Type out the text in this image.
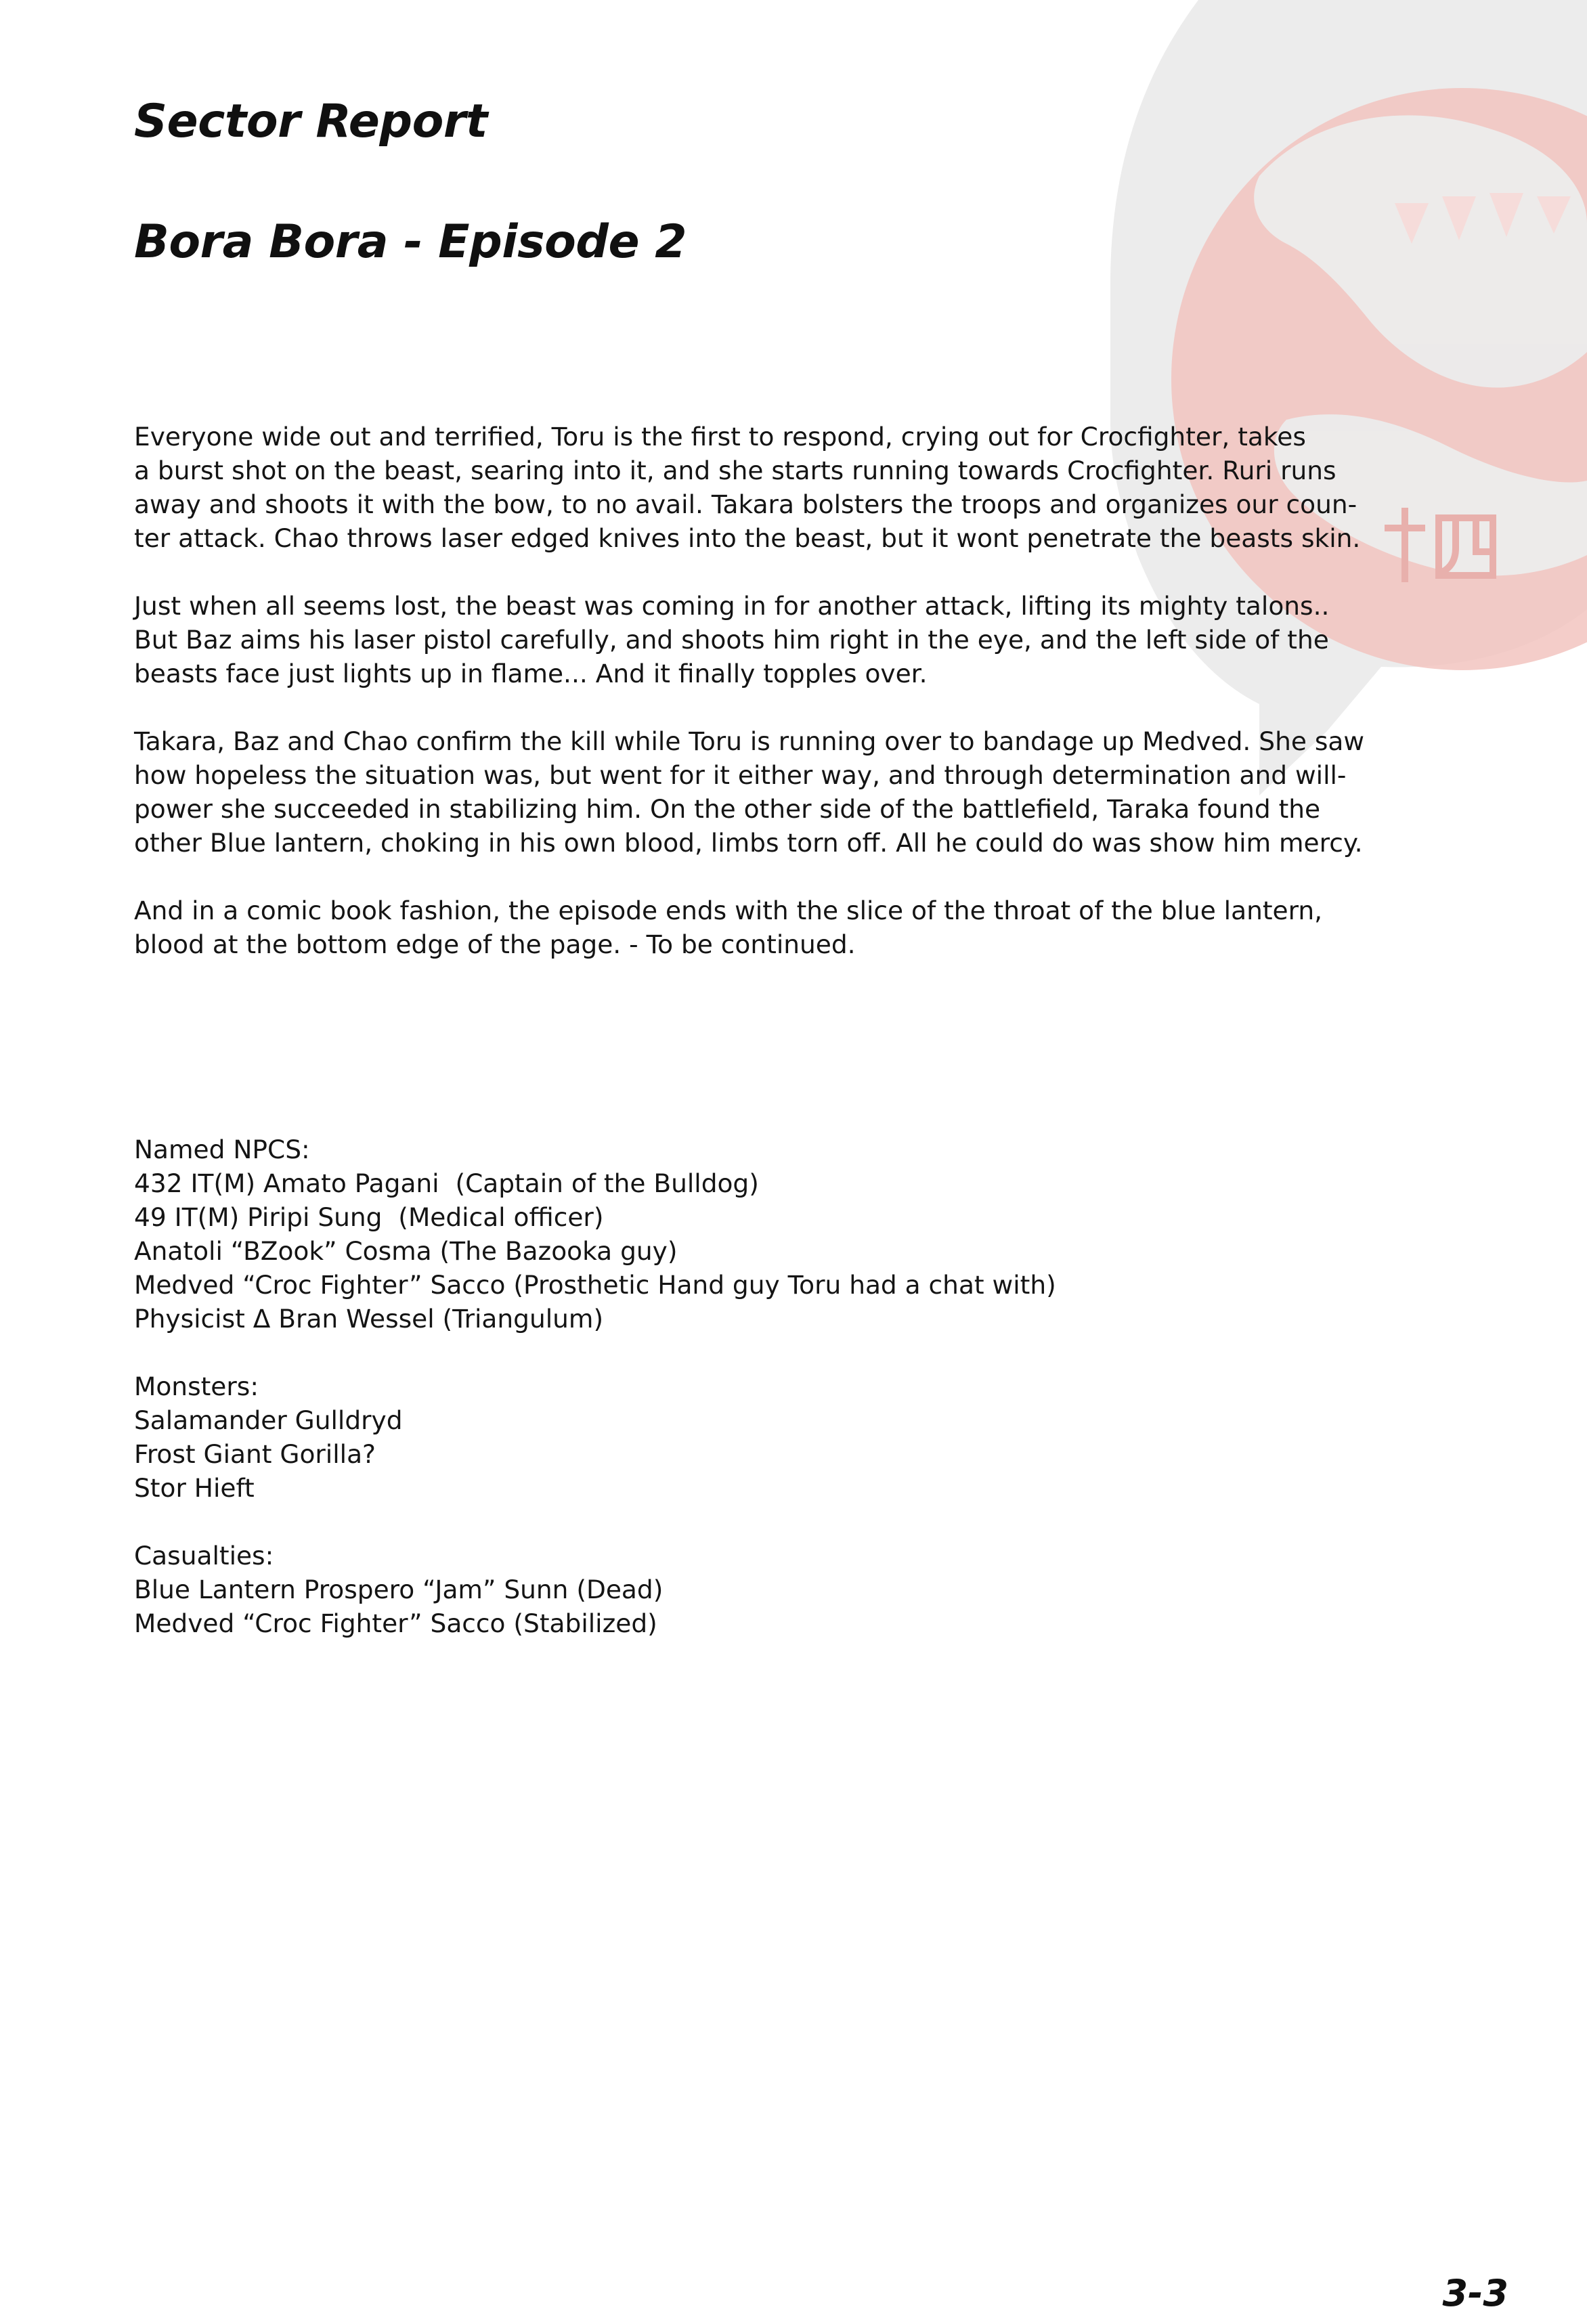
Sector Report
Bora Bora - Episode 2

Everyone wide out and terrified, Toru is the first to respond, crying out for Crocfighter, takes
a burst shot on the beast, searing into it, and she starts running towards Crocfighter. Ruri runs
away and shoots it with the bow, to no avail. Takara bolsters the troops and organizes our coun-
ter attack. Chao throws laser edged knives into the beast, but it wont penetrate the beasts skin.

Just when all seems lost, the beast was coming in for another attack, lifting its mighty talons..
But Baz aims his laser pistol carefully, and shoots him right in the eye, and the left side of the
beasts face just lights up in flame... And it finally topples over.

Takara, Baz and Chao confirm the kill while Toru is running over to bandage up Medved. She saw
how hopeless the situation was, but went for it either way, and through determination and will-
power she succeeded in stabilizing him. On the other side of the battlefield, Taraka found the
other Blue lantern, choking in his own blood, limbs torn off. All he could do was show him mercy.

And in a comic book fashion, the episode ends with the slice of the throat of the blue lantern,
blood at the bottom edge of the page. - To be continued.

Named NPCS:
432 IT(M) Amato Pagani  (Captain of the Bulldog)
49 IT(M) Piripi Sung  (Medical officer)
Anatoli “BZook” Cosma (The Bazooka guy)
Medved “Croc Fighter” Sacco (Prosthetic Hand guy Toru had a chat with)
Physicist Δ Bran Wessel (Triangulum)
Monsters:
Salamander Gulldryd
Frost Giant Gorilla?
Stor Hieft
Casualties:
Blue Lantern Prospero “Jam” Sunn (Dead)
Medved “Croc Fighter” Sacco (Stabilized)
3-3
